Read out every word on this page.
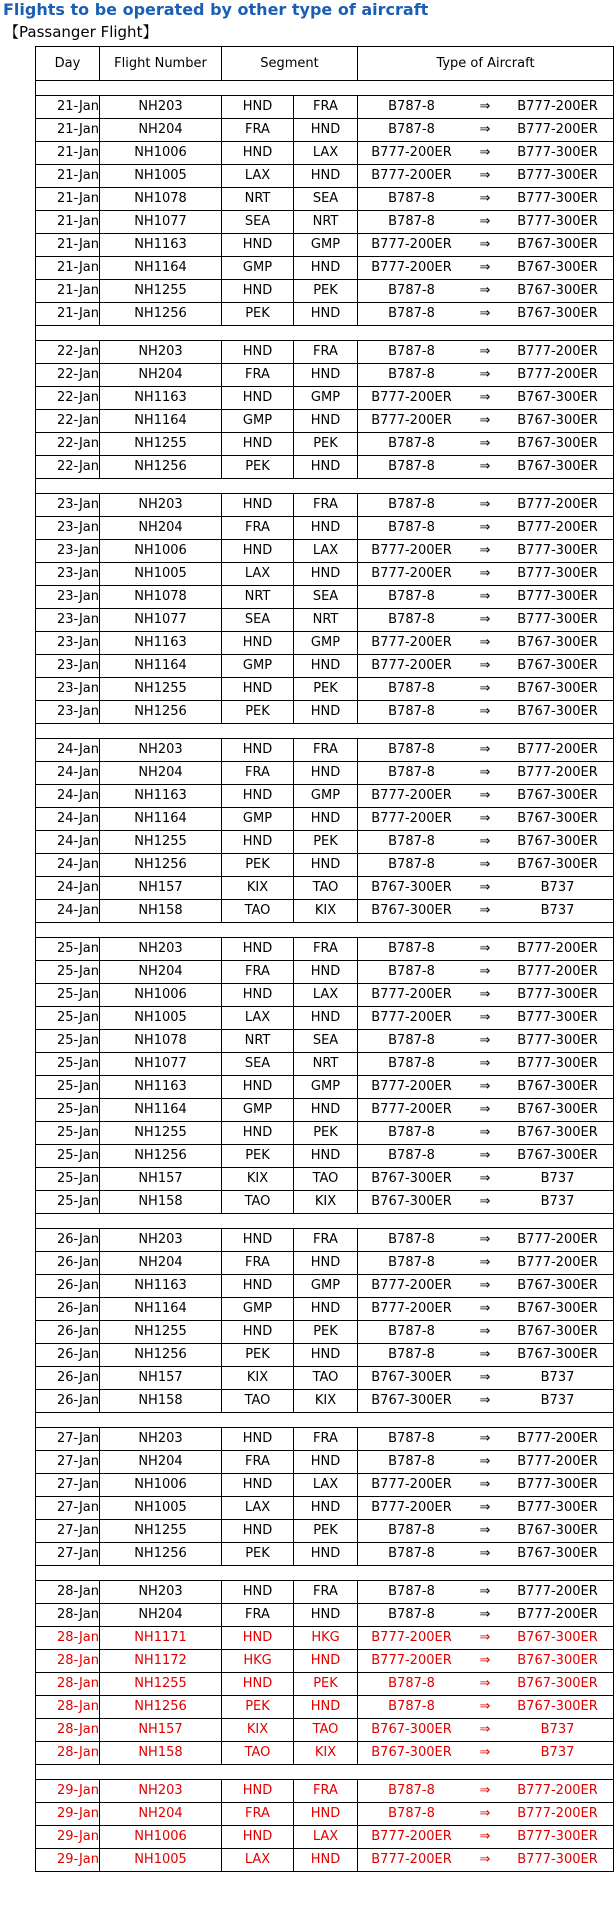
Flights to be operated by other type of aircraft
【Passanger Flight】
Day	Flight Number	Segment		Type of Aircraft

21-Jan	NH203	HND	FRA	B787-8 ⇒ B777-200ER
21-Jan	NH204	FRA	HND	B787-8 ⇒ B777-200ER
21-Jan	NH1006	HND	LAX	B777-200ER ⇒ B777-300ER
21-Jan	NH1005	LAX	HND	B777-200ER ⇒ B777-300ER
21-Jan	NH1078	NRT	SEA	B787-8 ⇒ B777-300ER
21-Jan	NH1077	SEA	NRT	B787-8 ⇒ B777-300ER
21-Jan	NH1163	HND	GMP	B777-200ER ⇒ B767-300ER
21-Jan	NH1164	GMP	HND	B777-200ER ⇒ B767-300ER
21-Jan	NH1255	HND	PEK	B787-8 ⇒ B767-300ER
21-Jan	NH1256	PEK	HND	B787-8 ⇒ B767-300ER

22-Jan	NH203	HND	FRA	B787-8 ⇒ B777-200ER
22-Jan	NH204	FRA	HND	B787-8 ⇒ B777-200ER
22-Jan	NH1163	HND	GMP	B777-200ER ⇒ B767-300ER
22-Jan	NH1164	GMP	HND	B777-200ER ⇒ B767-300ER
22-Jan	NH1255	HND	PEK	B787-8 ⇒ B767-300ER
22-Jan	NH1256	PEK	HND	B787-8 ⇒ B767-300ER

23-Jan	NH203	HND	FRA	B787-8 ⇒ B777-200ER
23-Jan	NH204	FRA	HND	B787-8 ⇒ B777-200ER
23-Jan	NH1006	HND	LAX	B777-200ER ⇒ B777-300ER
23-Jan	NH1005	LAX	HND	B777-200ER ⇒ B777-300ER
23-Jan	NH1078	NRT	SEA	B787-8 ⇒ B777-300ER
23-Jan	NH1077	SEA	NRT	B787-8 ⇒ B777-300ER
23-Jan	NH1163	HND	GMP	B777-200ER ⇒ B767-300ER
23-Jan	NH1164	GMP	HND	B777-200ER ⇒ B767-300ER
23-Jan	NH1255	HND	PEK	B787-8 ⇒ B767-300ER
23-Jan	NH1256	PEK	HND	B787-8 ⇒ B767-300ER

24-Jan	NH203	HND	FRA	B787-8 ⇒ B777-200ER
24-Jan	NH204	FRA	HND	B787-8 ⇒ B777-200ER
24-Jan	NH1163	HND	GMP	B777-200ER ⇒ B767-300ER
24-Jan	NH1164	GMP	HND	B777-200ER ⇒ B767-300ER
24-Jan	NH1255	HND	PEK	B787-8 ⇒ B767-300ER
24-Jan	NH1256	PEK	HND	B787-8 ⇒ B767-300ER
24-Jan	NH157	KIX	TAO	B767-300ER ⇒ B737
24-Jan	NH158	TAO	KIX	B767-300ER ⇒ B737

25-Jan	NH203	HND	FRA	B787-8 ⇒ B777-200ER
25-Jan	NH204	FRA	HND	B787-8 ⇒ B777-200ER
25-Jan	NH1006	HND	LAX	B777-200ER ⇒ B777-300ER
25-Jan	NH1005	LAX	HND	B777-200ER ⇒ B777-300ER
25-Jan	NH1078	NRT	SEA	B787-8 ⇒ B777-300ER
25-Jan	NH1077	SEA	NRT	B787-8 ⇒ B777-300ER
25-Jan	NH1163	HND	GMP	B777-200ER ⇒ B767-300ER
25-Jan	NH1164	GMP	HND	B777-200ER ⇒ B767-300ER
25-Jan	NH1255	HND	PEK	B787-8 ⇒ B767-300ER
25-Jan	NH1256	PEK	HND	B787-8 ⇒ B767-300ER
25-Jan	NH157	KIX	TAO	B767-300ER ⇒ B737
25-Jan	NH158	TAO	KIX	B767-300ER ⇒ B737

26-Jan	NH203	HND	FRA	B787-8 ⇒ B777-200ER
26-Jan	NH204	FRA	HND	B787-8 ⇒ B777-200ER
26-Jan	NH1163	HND	GMP	B777-200ER ⇒ B767-300ER
26-Jan	NH1164	GMP	HND	B777-200ER ⇒ B767-300ER
26-Jan	NH1255	HND	PEK	B787-8 ⇒ B767-300ER
26-Jan	NH1256	PEK	HND	B787-8 ⇒ B767-300ER
26-Jan	NH157	KIX	TAO	B767-300ER ⇒ B737
26-Jan	NH158	TAO	KIX	B767-300ER ⇒ B737

27-Jan	NH203	HND	FRA	B787-8 ⇒ B777-200ER
27-Jan	NH204	FRA	HND	B787-8 ⇒ B777-200ER
27-Jan	NH1006	HND	LAX	B777-200ER ⇒ B777-300ER
27-Jan	NH1005	LAX	HND	B777-200ER ⇒ B777-300ER
27-Jan	NH1255	HND	PEK	B787-8 ⇒ B767-300ER
27-Jan	NH1256	PEK	HND	B787-8 ⇒ B767-300ER

28-Jan	NH203	HND	FRA	B787-8 ⇒ B777-200ER
28-Jan	NH204	FRA	HND	B787-8 ⇒ B777-200ER
28-Jan	NH1171	HND	HKG	B777-200ER ⇒ B767-300ER
28-Jan	NH1172	HKG	HND	B777-200ER ⇒ B767-300ER
28-Jan	NH1255	HND	PEK	B787-8 ⇒ B767-300ER
28-Jan	NH1256	PEK	HND	B787-8 ⇒ B767-300ER
28-Jan	NH157	KIX	TAO	B767-300ER ⇒ B737
28-Jan	NH158	TAO	KIX	B767-300ER ⇒ B737

29-Jan	NH203	HND	FRA	B787-8 ⇒ B777-200ER
29-Jan	NH204	FRA	HND	B787-8 ⇒ B777-200ER
29-Jan	NH1006	HND	LAX	B777-200ER ⇒ B777-300ER
29-Jan	NH1005	LAX	HND	B777-200ER ⇒ B777-300ER
